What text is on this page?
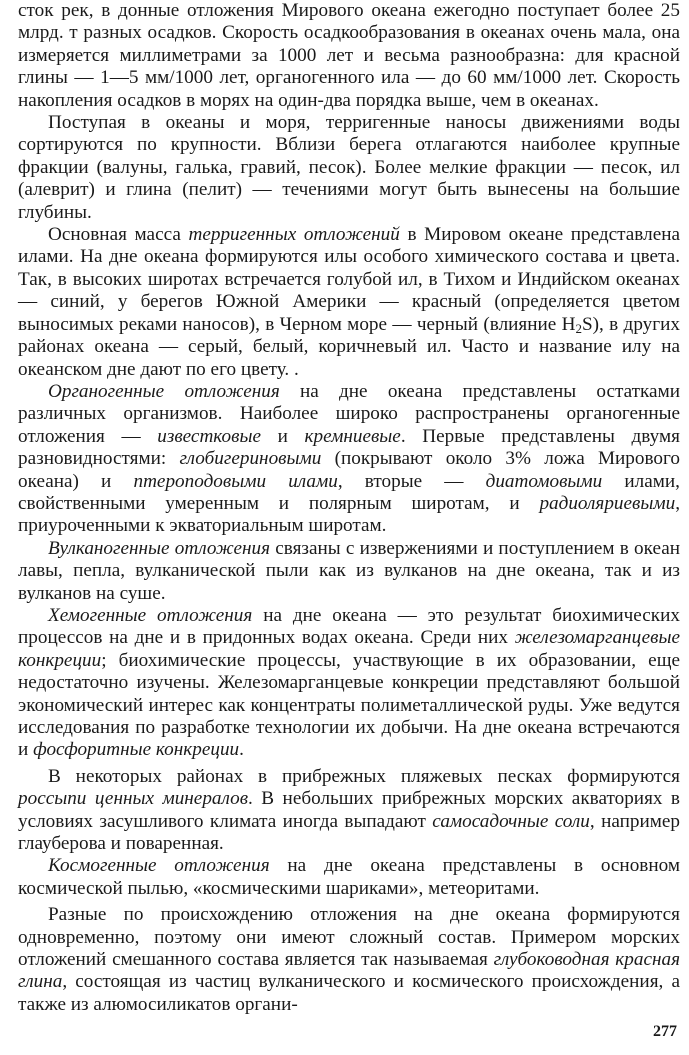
сток рек, в донные отложения Мирового океана ежегодно поступает более 25 млрд. т разных осадков. Скорость осадкообразования в океанах очень мала, она измеряется миллиметрами за 1000 лет и весьма разнообразна: для красной глины — 1—5 мм/1000 лет, органогенного ила — до 60 мм/1000 лет. Скорость накопления осадков в морях на один-два порядка выше, чем в океанах.

Поступая в океаны и моря, терригенные наносы движениями воды сортируются по крупности. Вблизи берега отлагаются наиболее крупные фракции (валуны, галька, гравий, песок). Более мелкие фракции — песок, ил (алеврит) и глина (пелит) — течениями могут быть вынесены на большие глубины.

Основная масса терригенных отложений в Мировом океане представлена илами. На дне океана формируются илы особого химического состава и цвета. Так, в высоких широтах встречается голубой ил, в Тихом и Индийском океанах — синий, у берегов Южной Америки — красный (определяется цветом выносимых реками наносов), в Черном море — черный (влияние $H_2S$), в других районах океана — серый, белый, коричневый ил. Часто и название илу на океанском дне дают по его цвету. .

Органогенные отложения на дне океана представлены остатками различных организмов. Наиболее широко распространены органогенные отложения — известковые и кремниевые. Первые представлены двумя разновидностями: глобигериновыми (покрывают около 3% ложа Мирового океана) и птероподовыми илами, вторые — диатомовыми илами, свойственными умеренным и полярным широтам, и радиоляриевыми, приуроченными к экваториальным широтам.

Вулканогенные отложения связаны с извержениями и поступлением в океан лавы, пепла, вулканической пыли как из вулканов на дне океана, так и из вулканов на суше.

Хемогенные отложения на дне океана — это результат биохимических процессов на дне и в придонных водах океана. Среди них железомарганцевые конкреции; биохимические процессы, участвующие в их образовании, еще недостаточно изучены. Железомарганцевые конкреции представляют большой экономический интерес как концентраты полиметаллической руды. Уже ведутся исследования по разработке технологии их добычи. На дне океана встречаются и фосфоритные конкреции.

В некоторых районах в прибрежных пляжевых песках формируются россыпи ценных минералов. В небольших прибрежных морских акваториях в условиях засушливого климата иногда выпадают самосадочные соли, например глауберова и поваренная.

Космогенные отложения на дне океана представлены в основном космической пылью, «космическими шариками», метеоритами.

Разные по происхождению отложения на дне океана формируются одновременно, поэтому они имеют сложный состав. Примером морских отложений смешанного состава является так называемая глубоководная красная глина, состоящая из частиц вулканического и космического происхождения, а также из алюмосиликатов органи-

277
